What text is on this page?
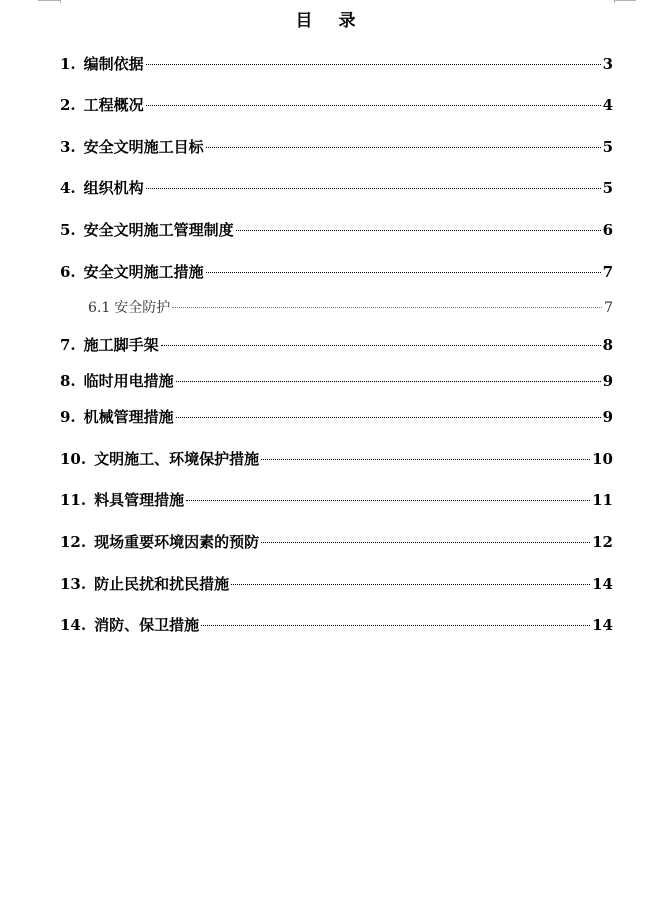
目 录
1. 编制依据	3
2. 工程概况	4
3. 安全文明施工目标	5
4. 组织机构	5
5. 安全文明施工管理制度	6
6. 安全文明施工措施	7
6.1 安全防护	7
7. 施工脚手架	8
8. 临时用电措施	9
9. 机械管理措施	9
10. 文明施工、环境保护措施	10
11. 料具管理措施	11
12. 现场重要环境因素的预防	12
13. 防止民扰和扰民措施	14
14. 消防、保卫措施	14
